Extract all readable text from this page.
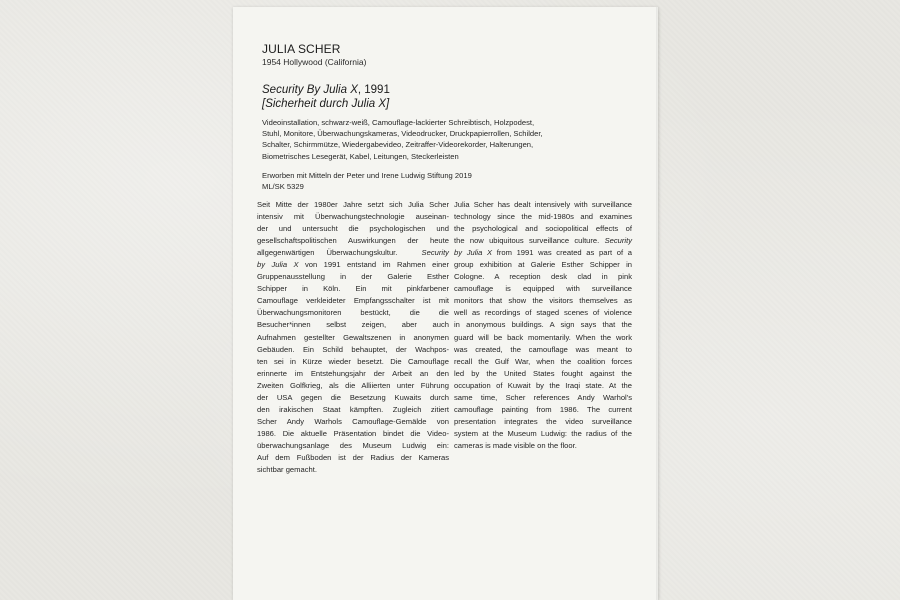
JULIA SCHER
1954 Hollywood (California)
Security By Julia X, 1991
[Sicherheit durch Julia X]
Videoinstallation, schwarz-weiß, Camouflage-lackierter Schreibtisch, Holzpodest,
Stuhl, Monitore, Überwachungskameras, Videodrucker, Druckpapierrollen, Schilder,
Schalter, Schirmmütze, Wiedergabevideo, Zeitraffer-Videorekorder, Halterungen,
Biometrisches Lesegerät, Kabel, Leitungen, Steckerleisten
Erworben mit Mitteln der Peter und Irene Ludwig Stiftung 2019
ML/SK 5329
Seit Mitte der 1980er Jahre setzt sich Julia Scher
intensiv mit Überwachungstechnologie auseinan-
der und untersucht die psychologischen und
gesellschaftspolitischen Auswirkungen der heute
allgegenwärtigen Überwachungskultur.	Security
by Julia X von 1991 entstand im Rahmen einer
Gruppenausstellung in der Galerie Esther
Schipper in Köln. Ein mit pinkfarbener
Camouflage verkleideter Empfangsschalter ist mit
Überwachungsmonitoren bestückt, die die
Besucher*innen selbst zeigen, aber auch
Aufnahmen gestellter Gewaltszenen in anonymen
Gebäuden. Ein Schild behauptet, der Wachpos-
ten sei in Kürze wieder besetzt. Die Camouflage
erinnerte im Entstehungsjahr der Arbeit an den
Zweiten Golfkrieg, als die Alliierten unter Führung
der USA gegen die Besetzung Kuwaits durch
den irakischen Staat kämpften. Zugleich zitiert
Scher Andy Warhols Camouflage-Gemälde von
1986. Die aktuelle Präsentation bindet die Video-
überwachungsanlage des Museum Ludwig ein:
Auf dem Fußboden ist der Radius der Kameras
sichtbar gemacht.
Julia Scher has dealt intensively with surveillance
technology since the mid-1980s and examines
the psychological and sociopolitical effects of
the now ubiquitous surveillance culture. Security
by Julia X from 1991 was created as part of a
group exhibition at Galerie Esther Schipper in
Cologne. A reception desk clad in pink
camouflage is equipped with surveillance
monitors that show the visitors themselves as
well as recordings of staged scenes of violence
in anonymous buildings. A sign says that the
guard will be back momentarily. When the work
was created, the camouflage was meant to
recall the Gulf War, when the coalition forces
led by the United States fought against the
occupation of Kuwait by the Iraqi state. At the
same time, Scher references Andy Warhol's
camouflage painting from 1986. The current
presentation integrates the video surveillance
system at the Museum Ludwig: the radius of the
cameras is made visible on the floor.
